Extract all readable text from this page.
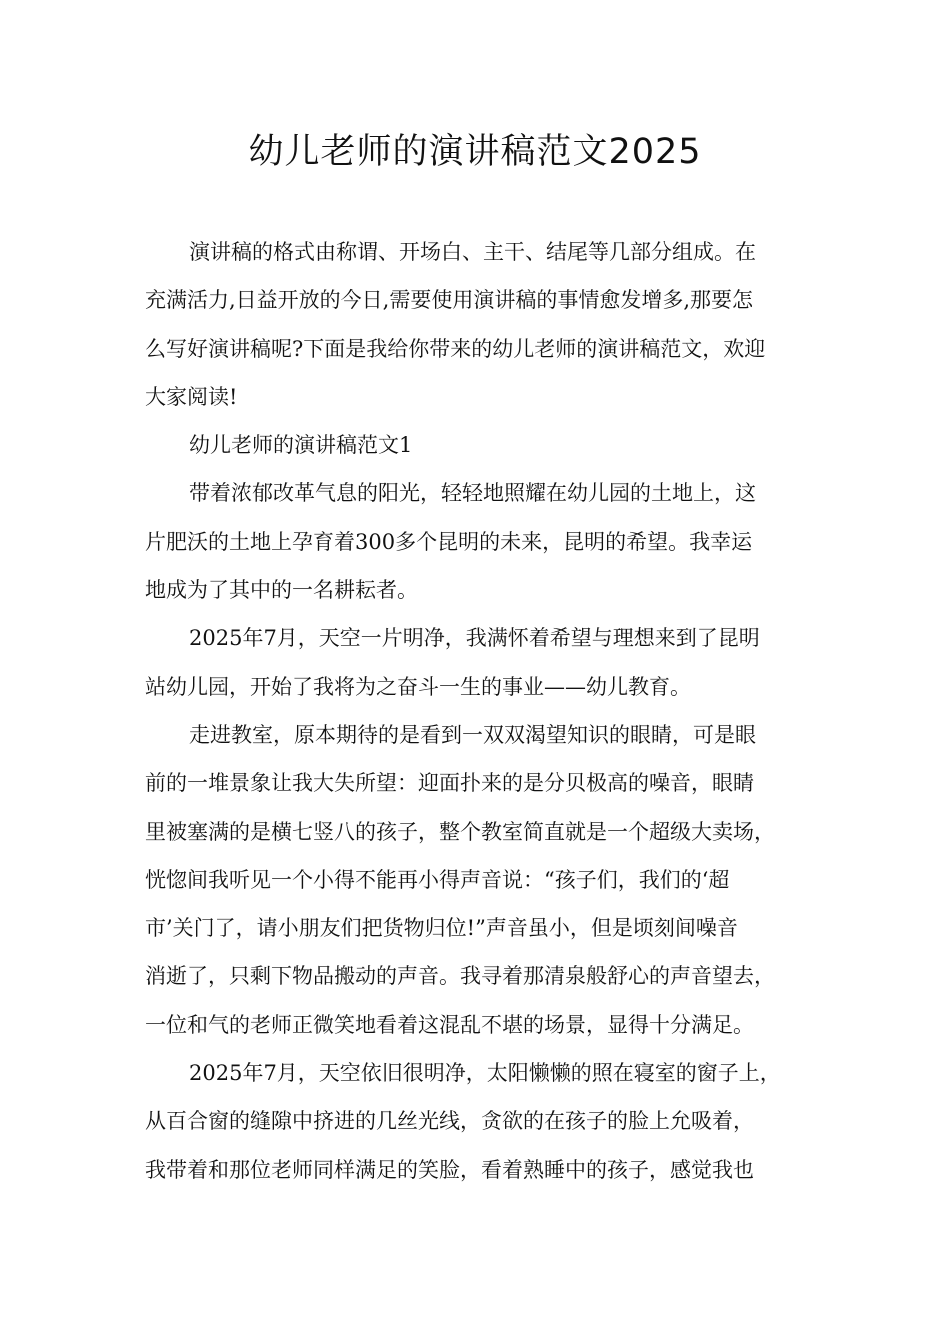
幼儿老师的演讲稿范文2025
演讲稿的格式由称谓、开场白、主干、结尾等几部分组成。在
充满活力,日益开放的今日,需要使用演讲稿的事情愈发增多,那要怎
么写好演讲稿呢?下面是我给你带来的幼儿老师的演讲稿范文，欢迎
大家阅读!
幼儿老师的演讲稿范文1
带着浓郁改革气息的阳光，轻轻地照耀在幼儿园的土地上，这
片肥沃的土地上孕育着300多个昆明的未来，昆明的希望。我幸运
地成为了其中的一名耕耘者。
2025年7月，天空一片明净，我满怀着希望与理想来到了昆明
站幼儿园，开始了我将为之奋斗一生的事业——幼儿教育。
走进教室，原本期待的是看到一双双渴望知识的眼睛，可是眼
前的一堆景象让我大失所望：迎面扑来的是分贝极高的噪音，眼睛
里被塞满的是横七竖八的孩子，整个教室简直就是一个超级大卖场，
恍惚间我听见一个小得不能再小得声音说：“孩子们，我们的‘超
市’关门了，请小朋友们把货物归位!”声音虽小，但是顷刻间噪音
消逝了，只剩下物品搬动的声音。我寻着那清泉般舒心的声音望去，
一位和气的老师正微笑地看着这混乱不堪的场景，显得十分满足。
2025年7月，天空依旧很明净，太阳懒懒的照在寝室的窗子上，
从百合窗的缝隙中挤进的几丝光线，贪欲的在孩子的脸上允吸着，
我带着和那位老师同样满足的笑脸，看着熟睡中的孩子，感觉我也
